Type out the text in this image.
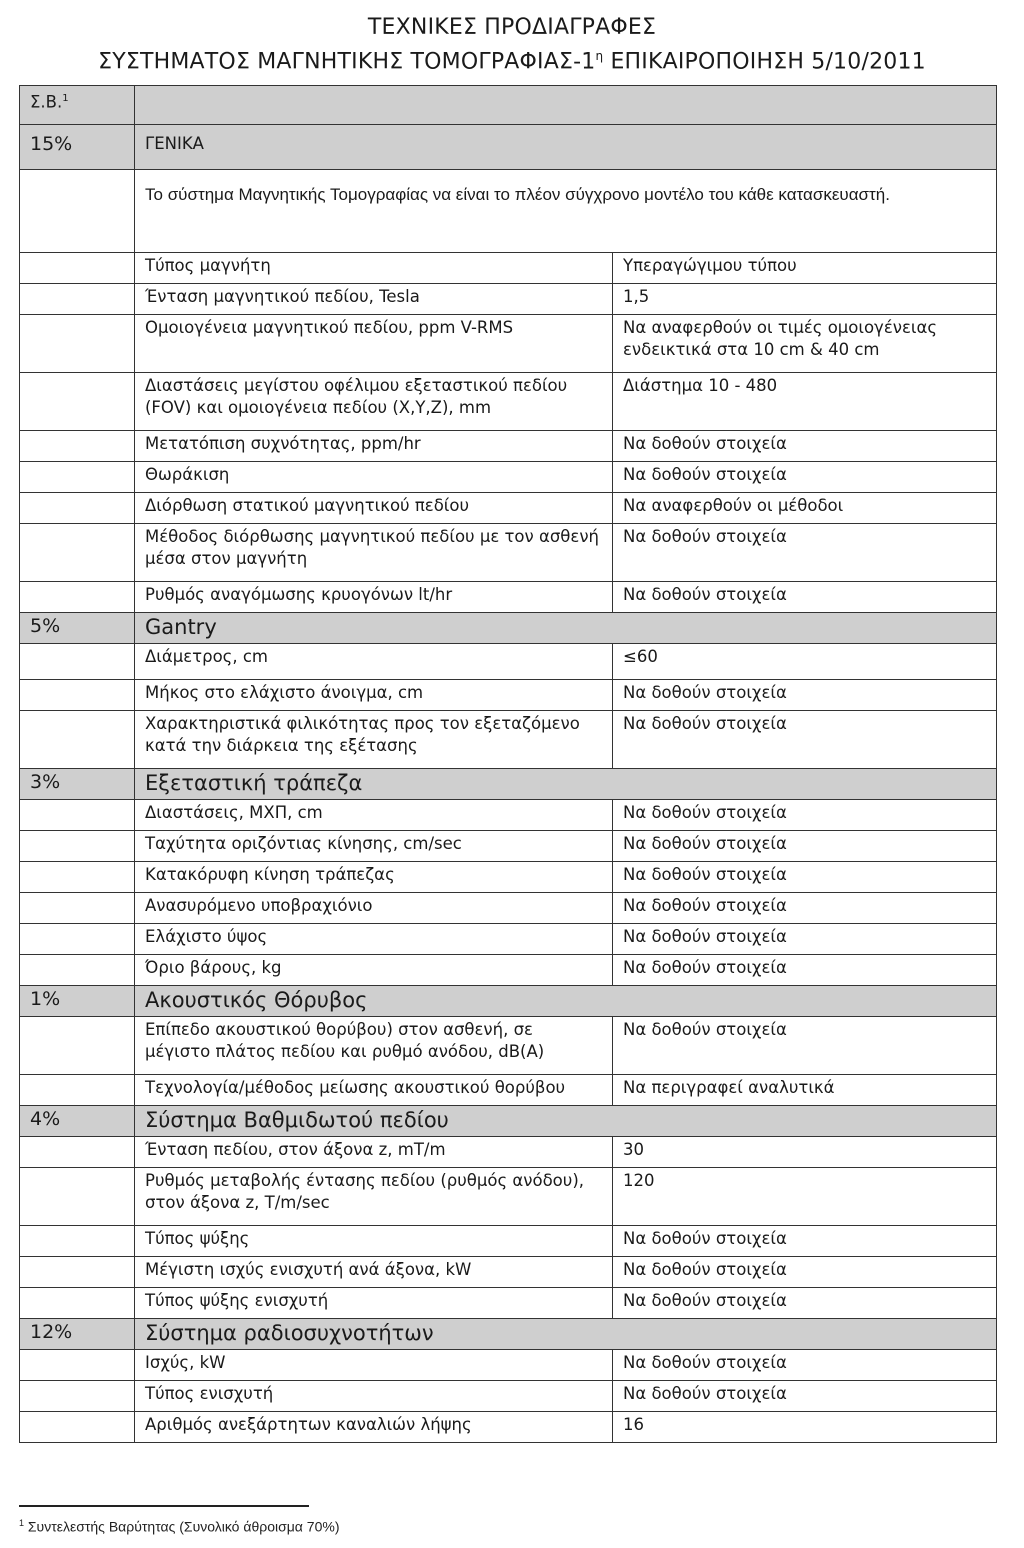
ΤΕΧΝΙΚΕΣ ΠΡΟΔΙΑΓΡΑΦΕΣ
ΣΥΣΤΗΜΑΤΟΣ ΜΑΓΝΗΤΙΚΗΣ ΤΟΜΟΓΡΑΦΙΑΣ-$1^\eta$ ΕΠΙΚΑΙΡΟΠΟΙΗΣΗ 5/10/2011
Σ.Β.$^1$	
15%	ΓΕΝΙΚΑ	
	Το σύστημα Μαγνητικής Τομογραφίας να είναι το πλέον σύγχρονο μοντέλο του κάθε κατασκευαστή.	
	Τύπος μαγνήτη	Υπεραγώγιμου τύπου
	Ένταση μαγνητικού πεδίου, Tesla	1,5
	Ομοιογένεια μαγνητικού πεδίου, ppm V-RMS	Να αναφερθούν οι τιμές ομοιογένειας ενδεικτικά στα 10 cm & 40 cm
	Διαστάσεις μεγίστου οφέλιμου εξεταστικού πεδίου (FOV) και ομοιογένεια πεδίου (X,Y,Z), mm	Διάστημα 10 - 480
	Μετατόπιση συχνότητας, ppm/hr	Να δοθούν στοιχεία
	Θωράκιση	Να δοθούν στοιχεία
	Διόρθωση στατικού μαγνητικού πεδίου	Να αναφερθούν οι μέθοδοι
	Μέθοδος διόρθωσης μαγνητικού πεδίου με τον ασθενή μέσα στον μαγνήτη	Να δοθούν στοιχεία
	Ρυθμός αναγόμωσης κρυογόνων lt/hr	Να δοθούν στοιχεία
5%	Gantry	
	Διάμετρος, cm	≤60
	Μήκος στο ελάχιστο άνοιγμα, cm	Να δοθούν στοιχεία
	Χαρακτηριστικά φιλικότητας προς τον εξεταζόμενο κατά την διάρκεια της εξέτασης	Να δοθούν στοιχεία
3%	Εξεταστική τράπεζα	
	Διαστάσεις, ΜΧΠ, cm	Να δοθούν στοιχεία
	Ταχύτητα οριζόντιας κίνησης, cm/sec	Να δοθούν στοιχεία
	Κατακόρυφη κίνηση τράπεζας	Να δοθούν στοιχεία
	Ανασυρόμενο υποβραχιόνιο	Να δοθούν στοιχεία
	Ελάχιστο ύψος	Να δοθούν στοιχεία
	Όριο βάρους, kg	Να δοθούν στοιχεία
1%	Ακουστικός Θόρυβος	
	Επίπεδο ακουστικού θορύβου) στον ασθενή, σε μέγιστο πλάτος πεδίου και ρυθμό ανόδου, dB(A)	Να δοθούν στοιχεία
	Τεχνολογία/μέθοδος μείωσης ακουστικού θορύβου	Να περιγραφεί αναλυτικά
4%	Σύστημα Βαθμιδωτού πεδίου	
	Ένταση πεδίου, στον άξονα z, mT/m	30
	Ρυθμός μεταβολής έντασης πεδίου (ρυθμός ανόδου), στον άξονα z, T/m/sec	120
	Τύπος ψύξης	Να δοθούν στοιχεία
	Μέγιστη ισχύς ενισχυτή ανά άξονα, kW	Να δοθούν στοιχεία
	Τύπος ψύξης ενισχυτή	Να δοθούν στοιχεία
12%	Σύστημα ραδιοσυχνοτήτων	
	Ισχύς, kW	Να δοθούν στοιχεία
	Τύπος ενισχυτή	Να δοθούν στοιχεία
	Αριθμός ανεξάρτητων καναλιών λήψης	16
$^1$ Συντελεστής Βαρύτητας (Συνολικό άθροισμα 70%)
